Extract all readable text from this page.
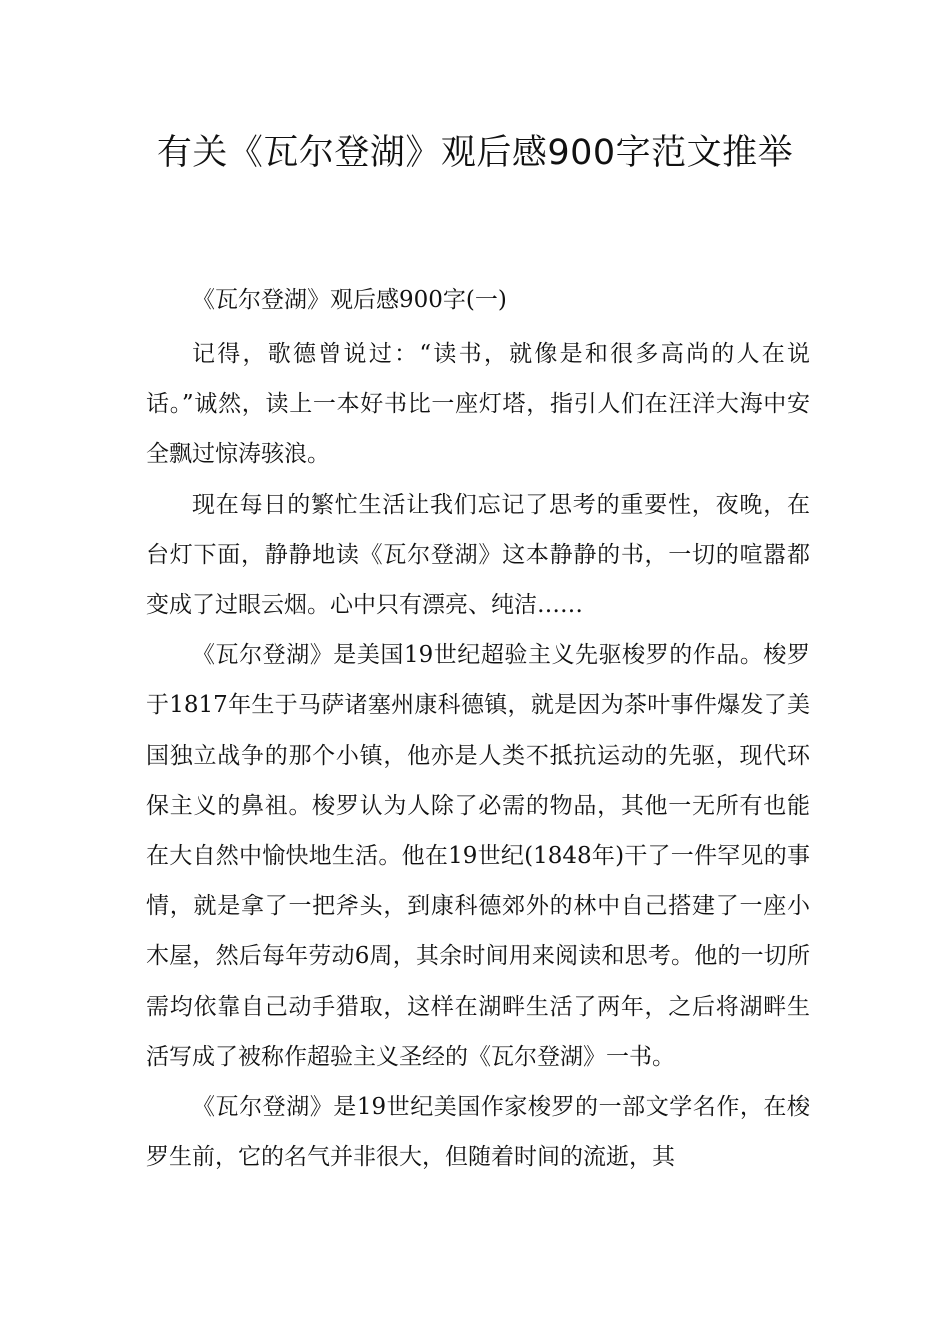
有关《瓦尔登湖》观后感900字范文推举

《瓦尔登湖》观后感900字(一)

记得，歌德曾说过：“读书，就像是和很多高尚的人在说话。”诚然，读上一本好书比一座灯塔，指引人们在汪洋大海中安全飘过惊涛骇浪。

现在每日的繁忙生活让我们忘记了思考的重要性，夜晚，在台灯下面，静静地读《瓦尔登湖》这本静静的书，一切的喧嚣都变成了过眼云烟。心中只有漂亮、纯洁……

《瓦尔登湖》是美国19世纪超验主义先驱梭罗的作品。梭罗于1817年生于马萨诸塞州康科德镇，就是因为茶叶事件爆发了美国独立战争的那个小镇，他亦是人类不抵抗运动的先驱，现代环保主义的鼻祖。梭罗认为人除了必需的物品，其他一无所有也能在大自然中愉快地生活。他在19世纪(1848年)干了一件罕见的事情，就是拿了一把斧头，到康科德郊外的林中自己搭建了一座小木屋，然后每年劳动6周，其余时间用来阅读和思考。他的一切所需均依靠自己动手猎取，这样在湖畔生活了两年，之后将湖畔生活写成了被称作超验主义圣经的《瓦尔登湖》一书。

《瓦尔登湖》是19世纪美国作家梭罗的一部文学名作，在梭罗生前，它的名气并非很大，但随着时间的流逝，其
